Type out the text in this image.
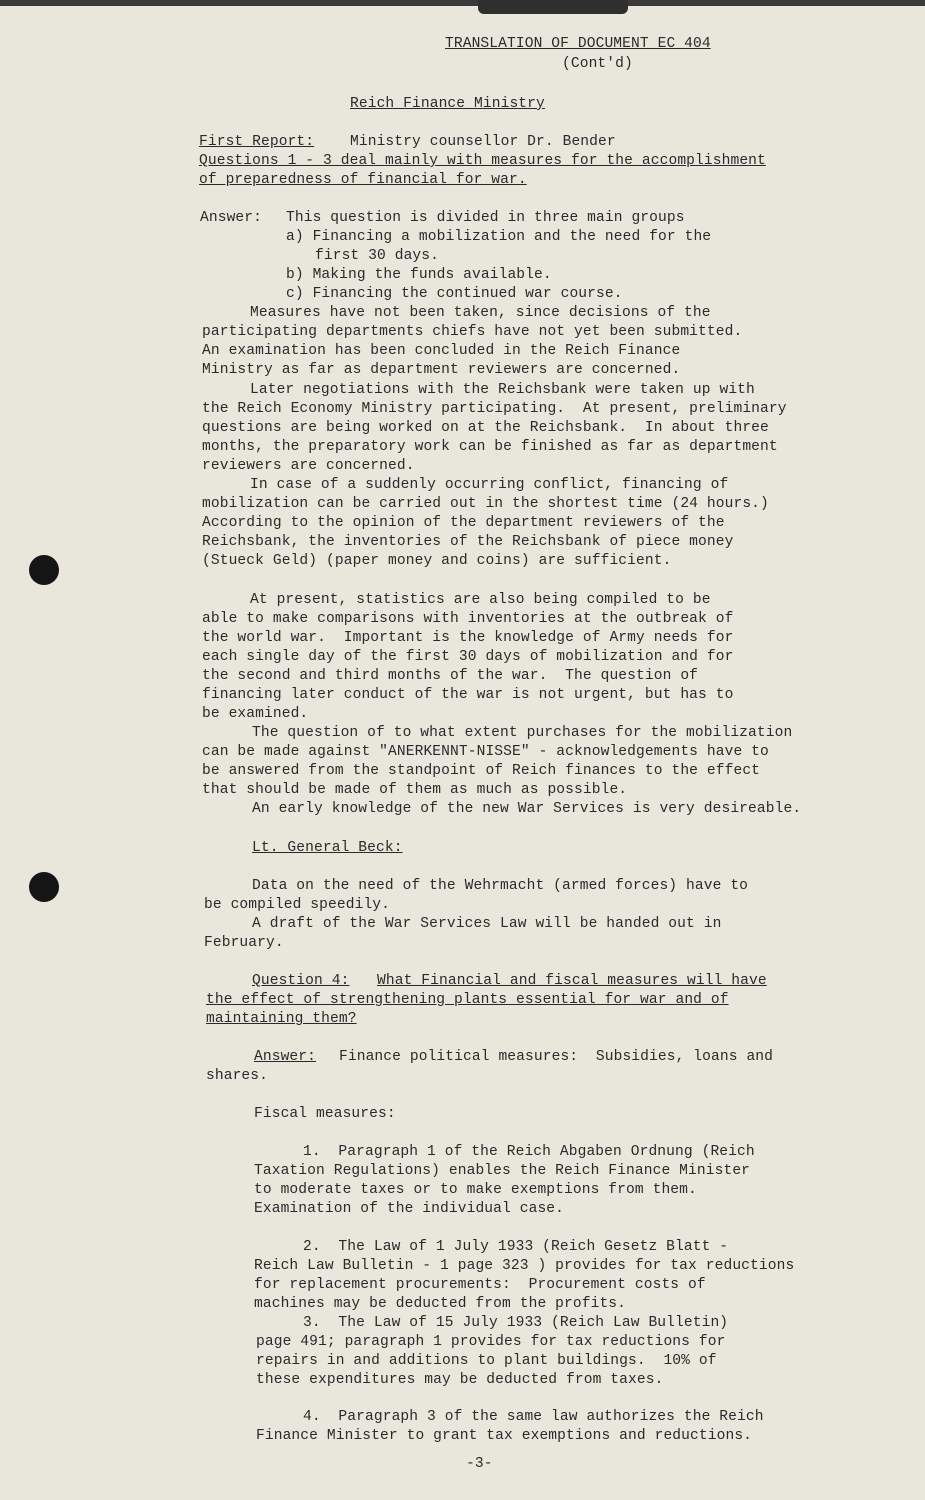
TRANSLATION OF DOCUMENT EC 404
(Cont'd)
Reich Finance Ministry
First Report: Ministry counsellor Dr. Bender
Questions 1 - 3 deal mainly with measures for the accomplishment
of preparedness of financial for war.
Answer: This question is divided in three main groups
a) Financing a mobilization and the need for the
first 30 days.
b) Making the funds available.
c) Financing the continued war course.
Measures have not been taken, since decisions of the
participating departments chiefs have not yet been submitted.
An examination has been concluded in the Reich Finance
Ministry as far as department reviewers are concerned.
Later negotiations with the Reichsbank were taken up with
the Reich Economy Ministry participating.  At present, preliminary
questions are being worked on at the Reichsbank.  In about three
months, the preparatory work can be finished as far as department
reviewers are concerned.
In case of a suddenly occurring conflict, financing of
mobilization can be carried out in the shortest time (24 hours.)
According to the opinion of the department reviewers of the
Reichsbank, the inventories of the Reichsbank of piece money
(Stueck Geld) (paper money and coins) are sufficient.
At present, statistics are also being compiled to be
able to make comparisons with inventories at the outbreak of
the world war.  Important is the knowledge of Army needs for
each single day of the first 30 days of mobilization and for
the second and third months of the war.  The question of
financing later conduct of the war is not urgent, but has to
be examined.
The question of to what extent purchases for the mobilization
can be made against "ANERKENNT-NISSE" - acknowledgements have to
be answered from the standpoint of Reich finances to the effect
that should be made of them as much as possible.
An early knowledge of the new War Services is very desireable.
Lt. General Beck:
Data on the need of the Wehrmacht (armed forces) have to
be compiled speedily.
A draft of the War Services Law will be handed out in
February.
Question 4: What Financial and fiscal measures will have
the effect of strengthening plants essential for war and of
maintaining them?
Answer: Finance political measures:  Subsidies, loans and
shares.
Fiscal measures:
1.  Paragraph 1 of the Reich Abgaben Ordnung (Reich
Taxation Regulations) enables the Reich Finance Minister
to moderate taxes or to make exemptions from them.
Examination of the individual case.
2.  The Law of 1 July 1933 (Reich Gesetz Blatt -
Reich Law Bulletin - 1 page 323 ) provides for tax reductions
for replacement procurements:  Procurement costs of
machines may be deducted from the profits.
3.  The Law of 15 July 1933 (Reich Law Bulletin)
page 491; paragraph 1 provides for tax reductions for
repairs in and additions to plant buildings.  10% of
these expenditures may be deducted from taxes.
4.  Paragraph 3 of the same law authorizes the Reich
Finance Minister to grant tax exemptions and reductions.
-3-
